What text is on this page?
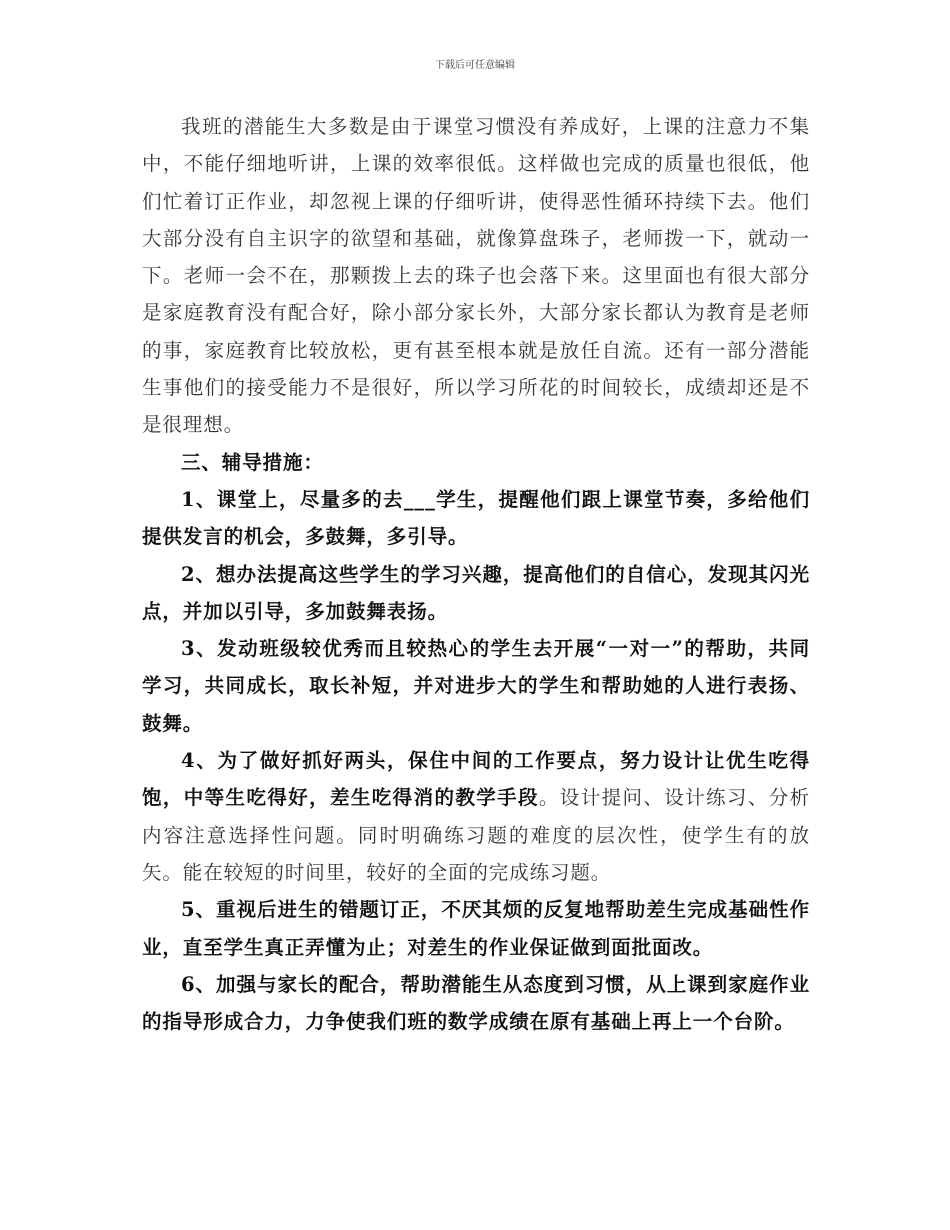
下载后可任意编辑

我班的潜能生大多数是由于课堂习惯没有养成好，上课的注意力不集中，不能仔细地听讲，上课的效率很低。这样做也完成的质量也很低，他们忙着订正作业，却忽视上课的仔细听讲，使得恶性循环持续下去。他们大部分没有自主识字的欲望和基础，就像算盘珠子，老师拨一下，就动一下。老师一会不在，那颗拨上去的珠子也会落下来。这里面也有很大部分是家庭教育没有配合好，除小部分家长外，大部分家长都认为教育是老师的事，家庭教育比较放松，更有甚至根本就是放任自流。还有一部分潜能生事他们的接受能力不是很好，所以学习所花的时间较长，成绩却还是不是很理想。

三、辅导措施：

1、课堂上，尽量多的去___学生，提醒他们跟上课堂节奏，多给他们提供发言的机会，多鼓舞，多引导。

2、想办法提高这些学生的学习兴趣，提高他们的自信心，发现其闪光点，并加以引导，多加鼓舞表扬。

3、发动班级较优秀而且较热心的学生去开展“一对一”的帮助，共同学习，共同成长，取长补短，并对进步大的学生和帮助她的人进行表扬、鼓舞。

4、为了做好抓好两头，保住中间的工作要点，努力设计让优生吃得饱，中等生吃得好，差生吃得消的教学手段。设计提问、设计练习、分析内容注意选择性问题。同时明确练习题的难度的层次性，使学生有的放矢。能在较短的时间里，较好的全面的完成练习题。

5、重视后进生的错题订正，不厌其烦的反复地帮助差生完成基础性作业，直至学生真正弄懂为止；对差生的作业保证做到面批面改。

6、加强与家长的配合，帮助潜能生从态度到习惯，从上课到家庭作业的指导形成合力，力争使我们班的数学成绩在原有基础上再上一个台阶。
